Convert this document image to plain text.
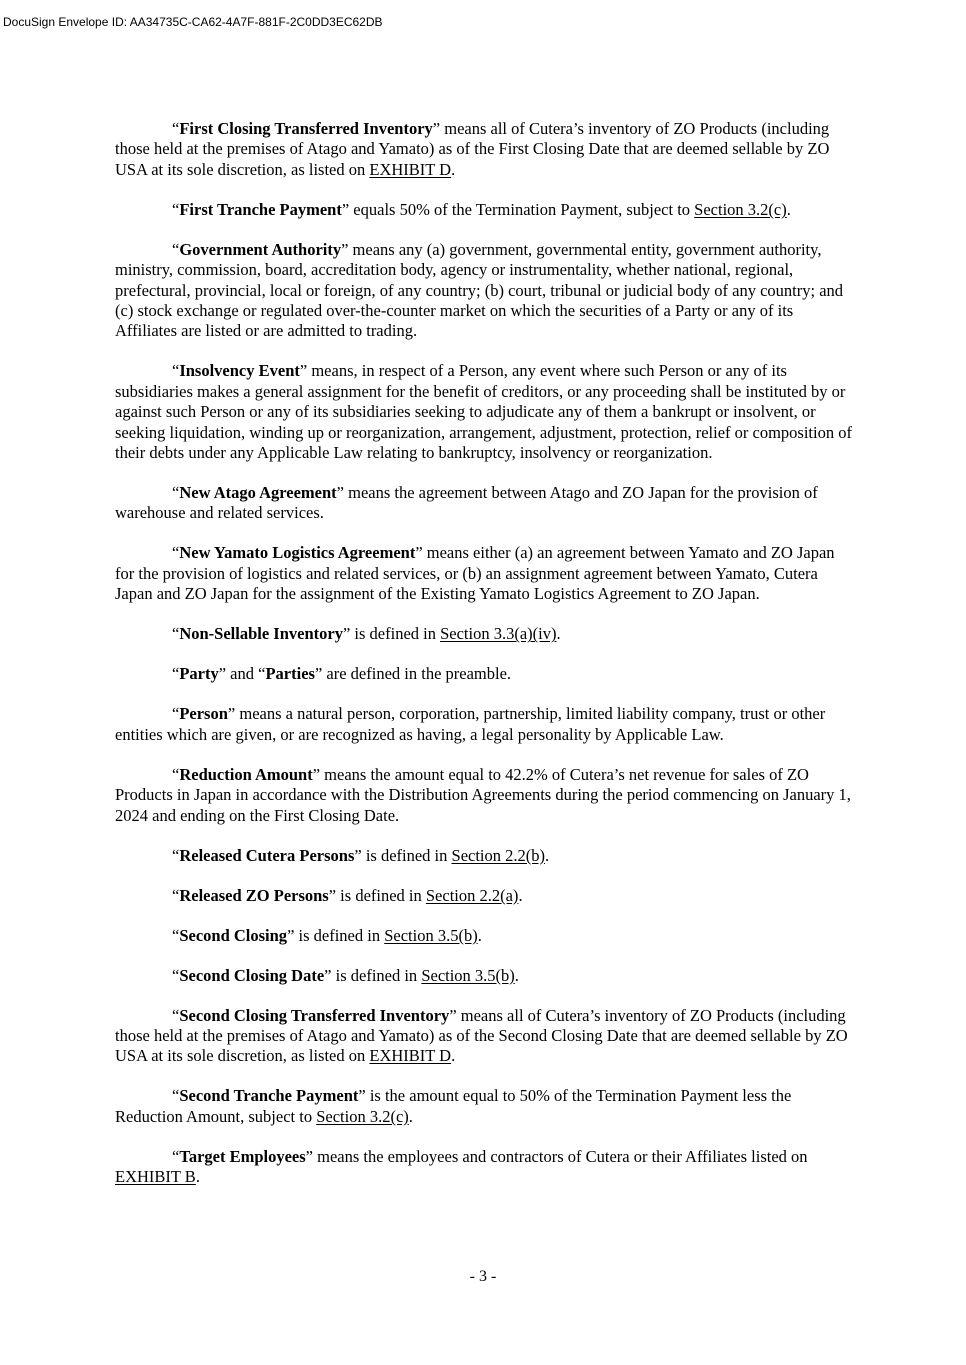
DocuSign Envelope ID: AA34735C-CA62-4A7F-881F-2C0DD3EC62DB

“First Closing Transferred Inventory” means all of Cutera’s inventory of ZO Products (including those held at the premises of Atago and Yamato) as of the First Closing Date that are deemed sellable by ZO USA at its sole discretion, as listed on EXHIBIT D.

“First Tranche Payment” equals 50% of the Termination Payment, subject to Section 3.2(c).

“Government Authority” means any (a) government, governmental entity, government authority, ministry, commission, board, accreditation body, agency or instrumentality, whether national, regional, prefectural, provincial, local or foreign, of any country; (b) court, tribunal or judicial body of any country; and (c) stock exchange or regulated over-the-counter market on which the securities of a Party or any of its Affiliates are listed or are admitted to trading.

“Insolvency Event” means, in respect of a Person, any event where such Person or any of its subsidiaries makes a general assignment for the benefit of creditors, or any proceeding shall be instituted by or against such Person or any of its subsidiaries seeking to adjudicate any of them a bankrupt or insolvent, or seeking liquidation, winding up or reorganization, arrangement, adjustment, protection, relief or composition of their debts under any Applicable Law relating to bankruptcy, insolvency or reorganization.

“New Atago Agreement” means the agreement between Atago and ZO Japan for the provision of warehouse and related services.

“New Yamato Logistics Agreement” means either (a) an agreement between Yamato and ZO Japan for the provision of logistics and related services, or (b) an assignment agreement between Yamato, Cutera Japan and ZO Japan for the assignment of the Existing Yamato Logistics Agreement to ZO Japan.

“Non-Sellable Inventory” is defined in Section 3.3(a)(iv).

“Party” and “Parties” are defined in the preamble.

“Person” means a natural person, corporation, partnership, limited liability company, trust or other entities which are given, or are recognized as having, a legal personality by Applicable Law.

“Reduction Amount” means the amount equal to 42.2% of Cutera’s net revenue for sales of ZO Products in Japan in accordance with the Distribution Agreements during the period commencing on January 1, 2024 and ending on the First Closing Date.

“Released Cutera Persons” is defined in Section 2.2(b).

“Released ZO Persons” is defined in Section 2.2(a).

“Second Closing” is defined in Section 3.5(b).

“Second Closing Date” is defined in Section 3.5(b).

“Second Closing Transferred Inventory” means all of Cutera’s inventory of ZO Products (including those held at the premises of Atago and Yamato) as of the Second Closing Date that are deemed sellable by ZO USA at its sole discretion, as listed on EXHIBIT D.

“Second Tranche Payment” is the amount equal to 50% of the Termination Payment less the Reduction Amount, subject to Section 3.2(c).

“Target Employees” means the employees and contractors of Cutera or their Affiliates listed on EXHIBIT B.

- 3 -
